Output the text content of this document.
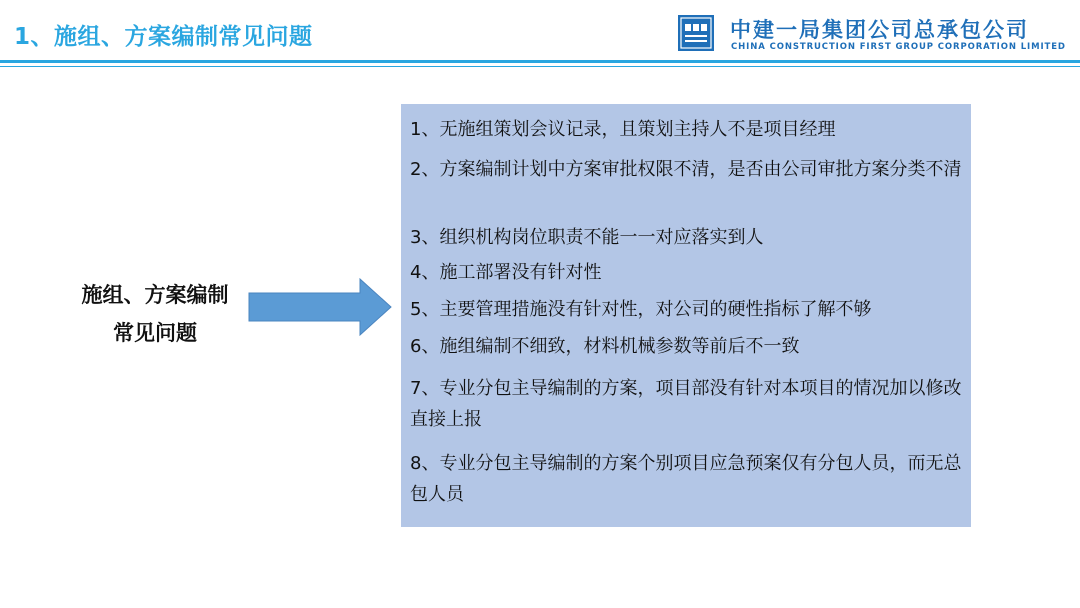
1、施组、方案编制常见问题	中建一局集团公司总承包公司
CHINA CONSTRUCTION FIRST GROUP CORPORATION LIMITED
施组、方案编制
常见问题
1、无施组策划会议记录，且策划主持人不是项目经理
2、方案编制计划中方案审批权限不清，是否由公司审批方案分类不清
3、组织机构岗位职责不能一一对应落实到人
4、施工部署没有针对性
5、主要管理措施没有针对性，对公司的硬性指标了解不够
6、施组编制不细致，材料机械参数等前后不一致
7、专业分包主导编制的方案，项目部没有针对本项目的情况加以修改直接上报
8、专业分包主导编制的方案个别项目应急预案仅有分包人员，而无总包人员
